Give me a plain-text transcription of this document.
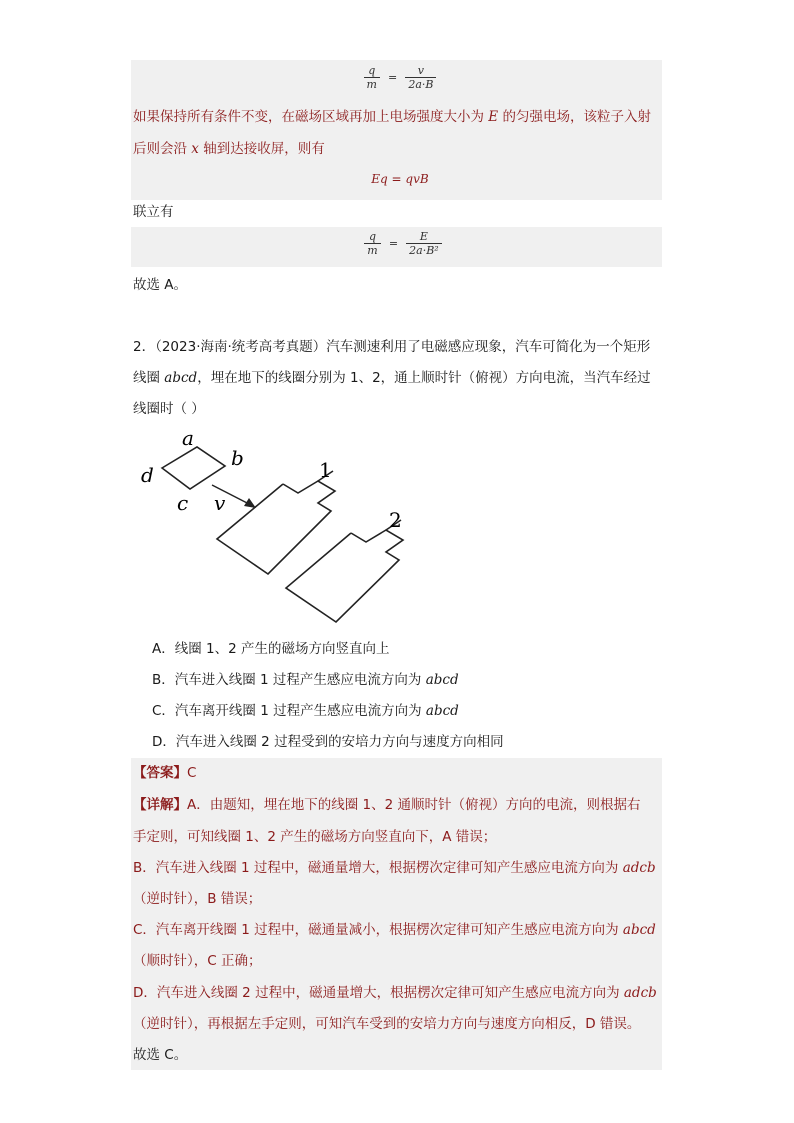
$\frac{q}{m} = \frac{v}{2a\cdot B}$
如果保持所有条件不变，在磁场区域再加上电场强度大小为 E 的匀强电场，该粒子入射
后则会沿 x 轴到达接收屏，则有
Eq = qvB
联立有
$\frac{q}{m} = \frac{E}{\text{2a·B²}}$
故选 A。
2．（2023·海南·统考高考真题）汽车测速利用了电磁感应现象，汽车可简化为一个矩形
线圈 abcd，埋在地下的线圈分别为 1、2，通上顺时针（俯视）方向电流，当汽车经过
线圈时（ ）
a
b
c
d
v
1
2
A．线圈 1、2 产生的磁场方向竖直向上
B．汽车进入线圈 1 过程产生感应电流方向为 abcd
C．汽车离开线圈 1 过程产生感应电流方向为 abcd
D．汽车进入线圈 2 过程受到的安培力方向与速度方向相同
【答案】C
【详解】A．由题知，埋在地下的线圈 1、2 通顺时针（俯视）方向的电流，则根据右
手定则，可知线圈 1、2 产生的磁场方向竖直向下，A 错误；
B．汽车进入线圈 1 过程中，磁通量增大，根据楞次定律可知产生感应电流方向为 adcb
（逆时针），B 错误；
C．汽车离开线圈 1 过程中，磁通量减小，根据楞次定律可知产生感应电流方向为 abcd
（顺时针），C 正确；
D．汽车进入线圈 2 过程中，磁通量增大，根据楞次定律可知产生感应电流方向为 adcb
（逆时针），再根据左手定则，可知汽车受到的安培力方向与速度方向相反，D 错误。
故选 C。
